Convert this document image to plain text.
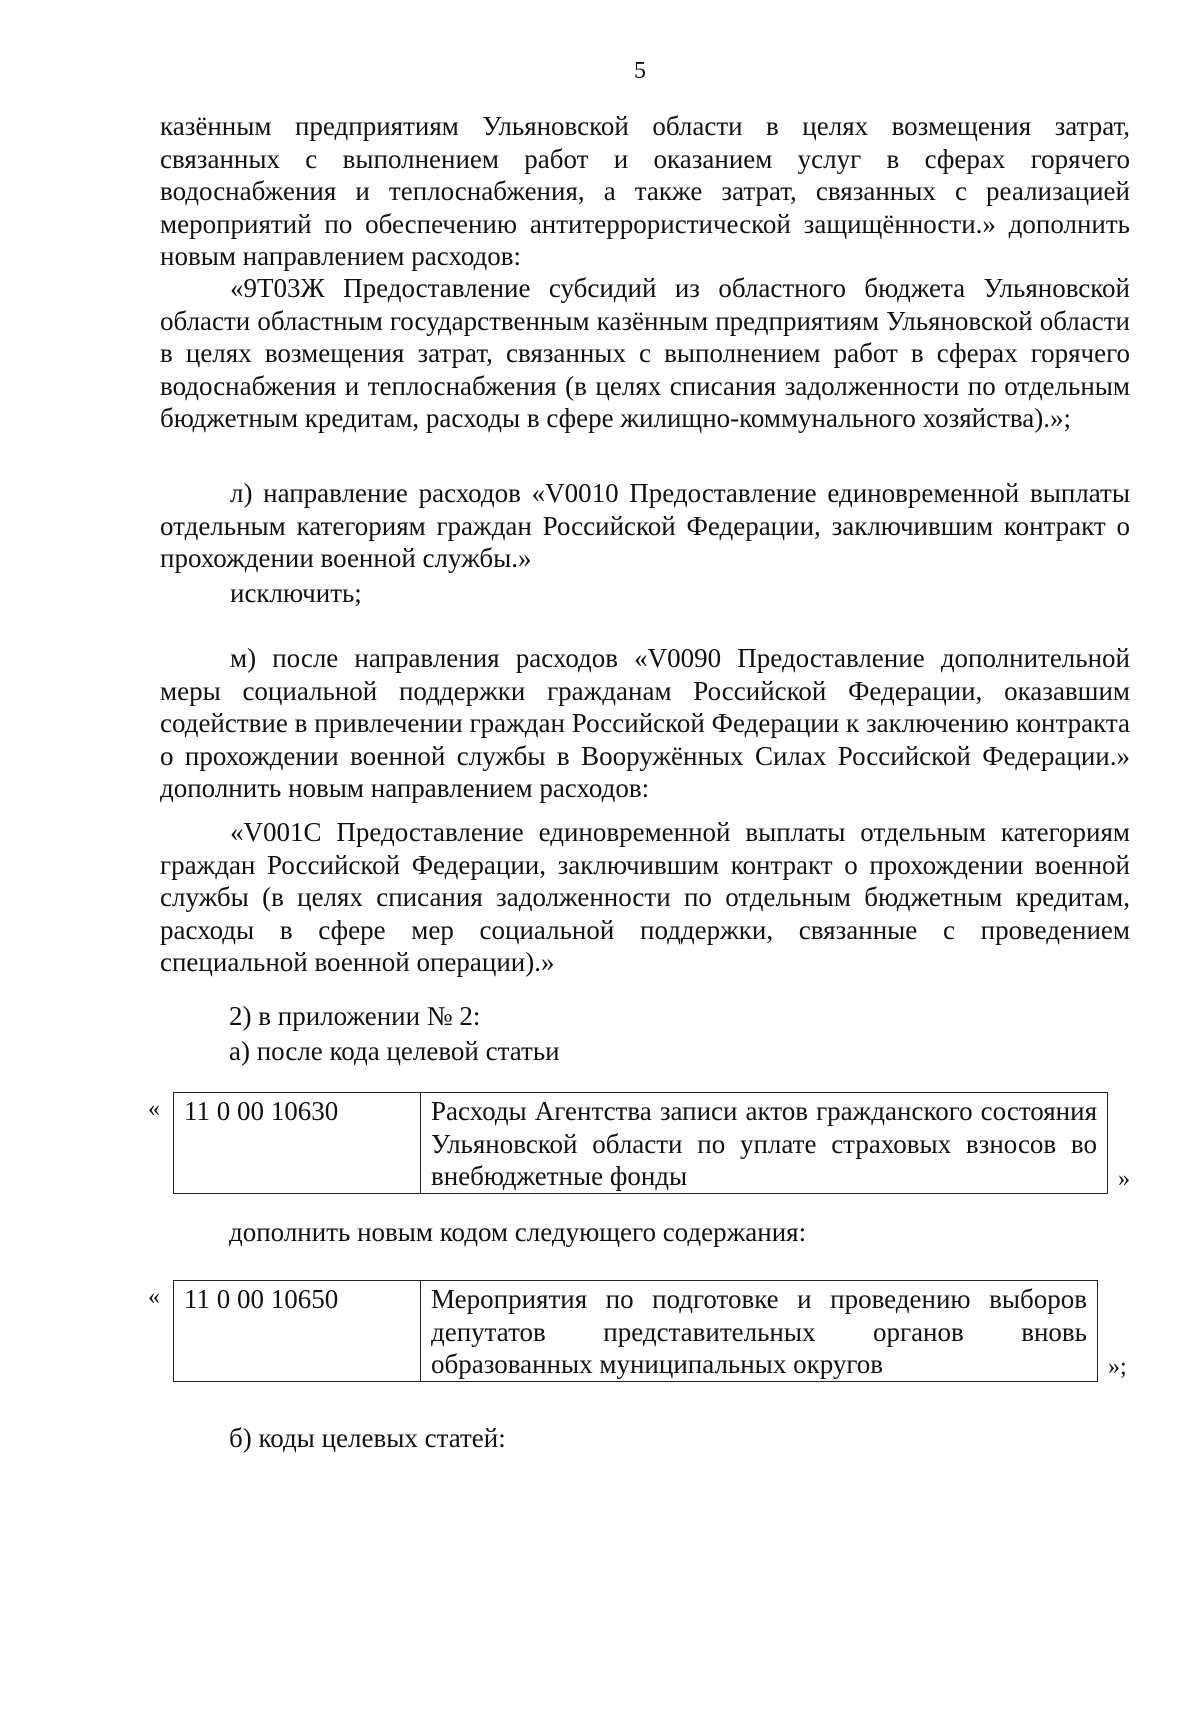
5

казённым предприятиям Ульяновской области в целях возмещения затрат, связанных с выполнением работ и оказанием услуг в сферах горячего водоснабжения и теплоснабжения, а также затрат, связанных с реализацией мероприятий по обеспечению антитеррористической защищённости.» дополнить новым направлением расходов:

«9Т03Ж Предоставление субсидий из областного бюджета Ульяновской области областным государственным казённым предприятиям Ульяновской области в целях возмещения затрат, связанных с выполнением работ в сферах горячего водоснабжения и теплоснабжения (в целях списания задолженности по отдельным бюджетным кредитам, расходы в сфере жилищно-коммунального хозяйства).»;

л) направление расходов «V0010 Предоставление единовременной выплаты отдельным категориям граждан Российской Федерации, заключившим контракт о прохождении военной службы.»

исключить;

м) после направления расходов «V0090 Предоставление дополнительной меры социальной поддержки гражданам Российской Федерации, оказавшим содействие в привлечении граждан Российской Федерации к заключению контракта о прохождении военной службы в Вооружённых Силах Российской Федерации.» дополнить новым направлением расходов:

«V001С Предоставление единовременной выплаты отдельным категориям граждан Российской Федерации, заключившим контракт о прохождении военной службы (в целях списания задолженности по отдельным бюджетным кредитам, расходы в сфере мер социальной поддержки, связанные с проведением специальной военной операции).»

2) в приложении № 2:

а) после кода целевой статьи

« 11 0 00 10630	Расходы Агентства записи актов гражданского состояния Ульяновской области по уплате страховых взносов во внебюджетные фонды	»

дополнить новым кодом следующего содержания:

« 11 0 00 10650	Мероприятия по подготовке и проведению выборов депутатов представительных органов вновь образованных муниципальных округов	»;

б) коды целевых статей:
